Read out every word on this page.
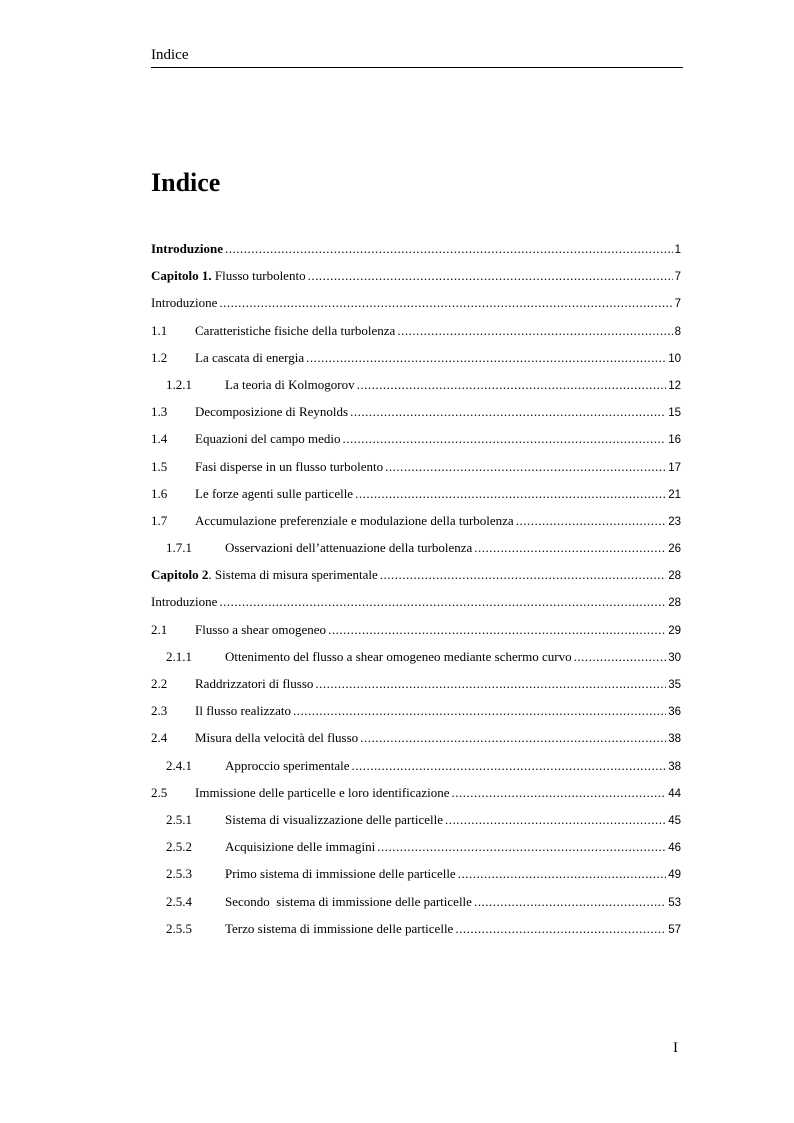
Indice
Indice
Introduzione .....	1
Capitolo 1. Flusso turbolento .....	7
Introduzione .....	7
1.1	Caratteristiche fisiche della turbolenza .....	8
1.2	La cascata di energia .....	10
1.2.1	La teoria di Kolmogorov .....	12
1.3	Decomposizione di Reynolds .....	15
1.4	Equazioni del campo medio .....	16
1.5	Fasi disperse in un flusso turbolento .....	17
1.6	Le forze agenti sulle particelle .....	21
1.7	Accumulazione preferenziale e modulazione della turbolenza .....	23
1.7.1	Osservazioni dell’attenuazione della turbolenza .....	26
Capitolo 2. Sistema di misura sperimentale .....	28
Introduzione .....	28
2.1	Flusso a shear omogeneo .....	29
2.1.1	Ottenimento del flusso a shear omogeneo mediante schermo curvo .....	30
2.2	Raddrizzatori di flusso .....	35
2.3	Il flusso realizzato .....	36
2.4	Misura della velocità del flusso .....	38
2.4.1	Approccio sperimentale .....	38
2.5	Immissione delle particelle e loro identificazione .....	44
2.5.1	Sistema di visualizzazione delle particelle .....	45
2.5.2	Acquisizione delle immagini .....	46
2.5.3	Primo sistema di immissione delle particelle .....	49
2.5.4	Secondo  sistema di immissione delle particelle .....	53
2.5.5	Terzo sistema di immissione delle particelle .....	57
I
